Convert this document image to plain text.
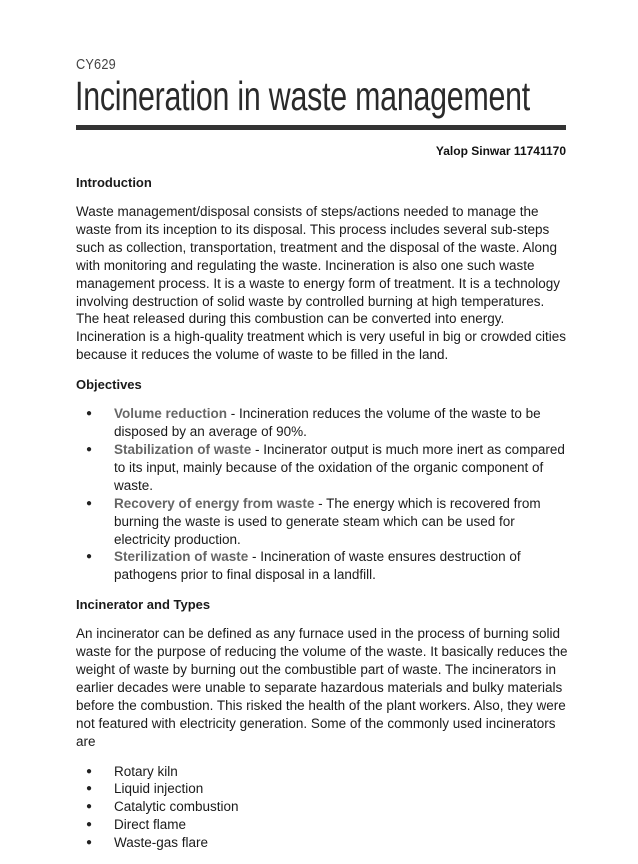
CY629
Incineration in waste management
Yalop Sinwar 11741170
Introduction

Waste management/disposal consists of steps/actions needed to manage the waste from its inception to its disposal. This process includes several sub-steps such as collection, transportation, treatment and the disposal of the waste. Along with monitoring and regulating the waste. Incineration is also one such waste management process. It is a waste to energy form of treatment. It is a technology involving destruction of solid waste by controlled burning at high temperatures. The heat released during this combustion can be converted into energy. Incineration is a high-quality treatment which is very useful in big or crowded cities because it reduces the volume of waste to be filled in the land.

Objectives
● Volume reduction - Incineration reduces the volume of the waste to be disposed by an average of 90%.
● Stabilization of waste - Incinerator output is much more inert as compared to its input, mainly because of the oxidation of the organic component of waste.
● Recovery of energy from waste - The energy which is recovered from burning the waste is used to generate steam which can be used for electricity production.
● Sterilization of waste - Incineration of waste ensures destruction of pathogens prior to final disposal in a landfill.
Incinerator and Types

An incinerator can be defined as any furnace used in the process of burning solid waste for the purpose of reducing the volume of the waste. It basically reduces the weight of waste by burning out the combustible part of waste. The incinerators in earlier decades were unable to separate hazardous materials and bulky materials before the combustion. This risked the health of the plant workers. Also, they were not featured with electricity generation. Some of the commonly used incinerators are

● Rotary kiln
● Liquid injection
● Catalytic combustion
● Direct flame
● Waste-gas flare
